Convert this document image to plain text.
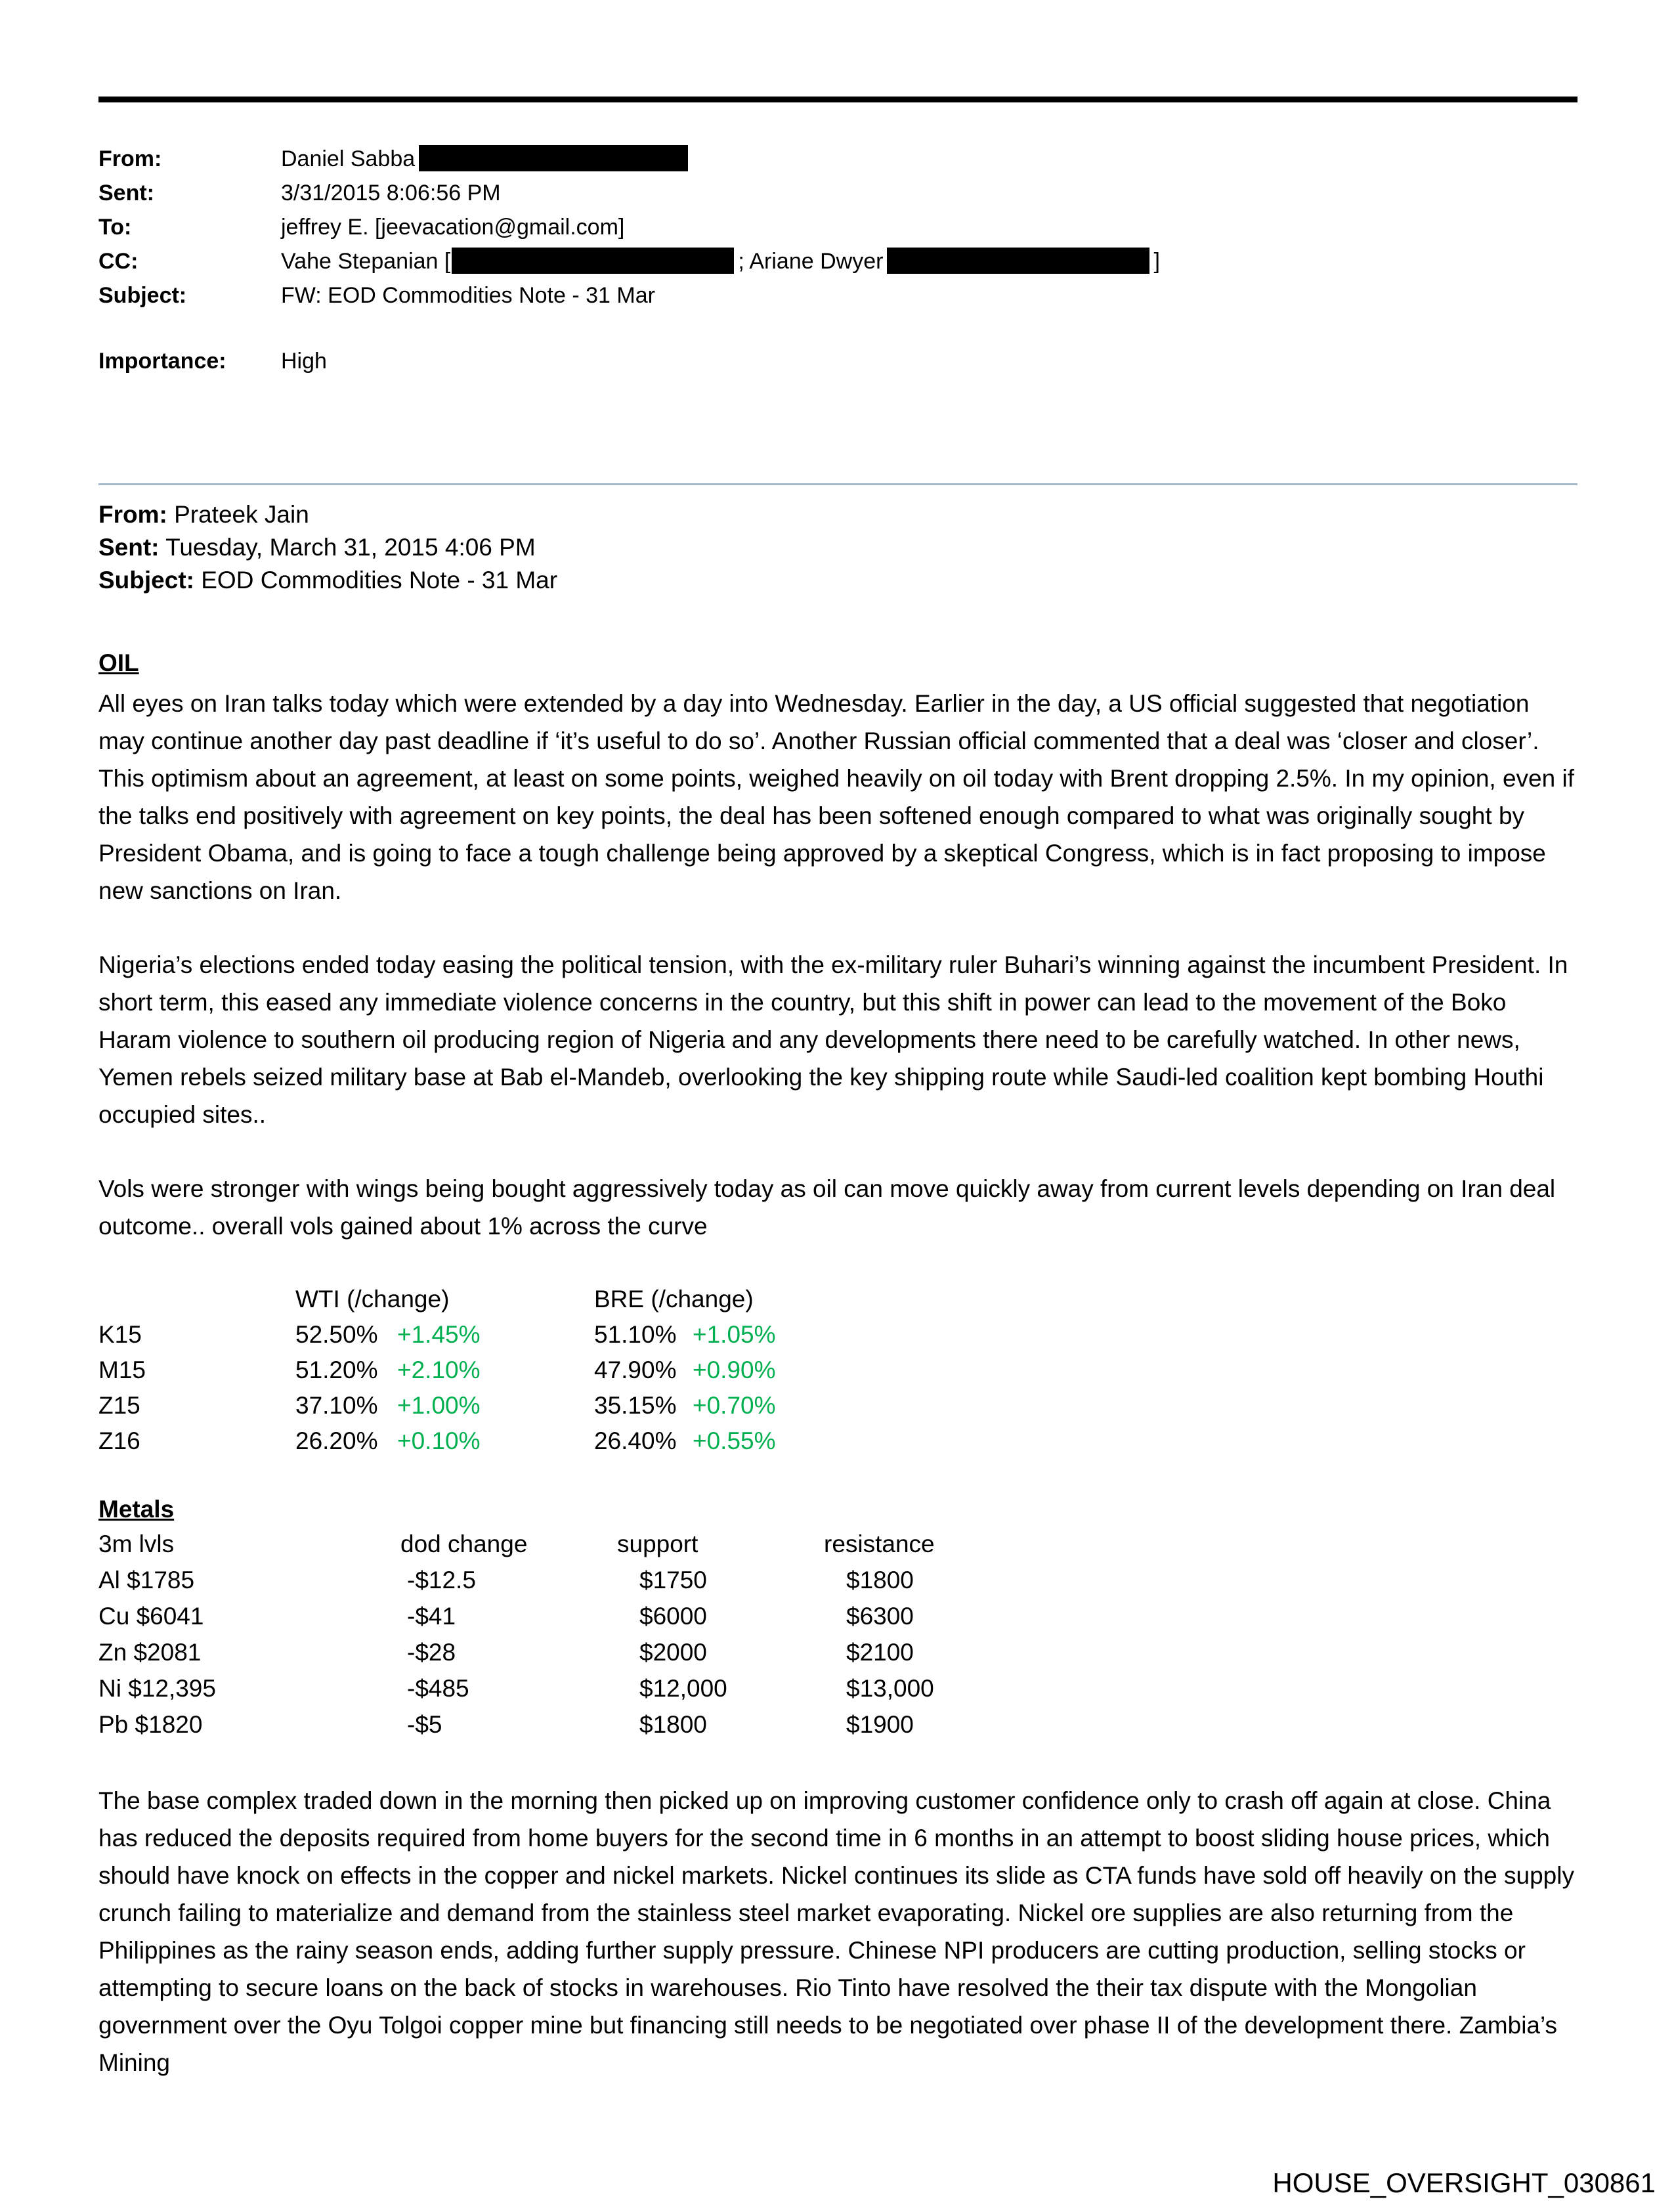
From:	Daniel Sabba
Sent:	3/31/2015 8:06:56 PM
To:	jeffrey E. [jeevacation@gmail.com]
CC:	Vahe Stepanian [	; Ariane Dwyer	]
Subject:	FW: EOD Commodities Note - 31 Mar
Importance:	High
From: Prateek Jain
Sent: Tuesday, March 31, 2015 4:06 PM
Subject: EOD Commodities Note - 31 Mar
OIL

All eyes on Iran talks today which were extended by a day into Wednesday. Earlier in the day, a US official suggested that negotiation may continue another day past deadline if ‘it’s useful to do so’. Another Russian official commented that a deal was ‘closer and closer’. This optimism about an agreement, at least on some points, weighed heavily on oil today with Brent dropping 2.5%. In my opinion, even if the talks end positively with agreement on key points, the deal has been softened enough compared to what was originally sought by President Obama, and is going to face a tough challenge being approved by a skeptical Congress, which is in fact proposing to impose new sanctions on Iran.

Nigeria’s elections ended today easing the political tension, with the ex-military ruler Buhari’s winning against the incumbent President. In short term, this eased any immediate violence concerns in the country, but this shift in power can lead to the movement of the Boko Haram violence to southern oil producing region of Nigeria and any developments there need to be carefully watched. In other news, Yemen rebels seized military base at Bab el-Mandeb, overlooking the key shipping route while Saudi-led coalition kept bombing Houthi occupied sites..

Vols were stronger with wings being bought aggressively today as oil can move quickly away from current levels depending on Iran deal outcome.. overall vols gained about 1% across the curve

WTI (/change)	BRE (/change)
K15	52.50% +1.45%	51.10% +1.05%
M15	51.20% +2.10%	47.90% +0.90%
Z15	37.10% +1.00%	35.15% +0.70%
Z16	26.20% +0.10%	26.40% +0.55%
Metals
3m lvls	dod change	support	resistance
Al $1785	-$12.5	$1750	$1800
Cu $6041	-$41	$6000	$6300
Zn $2081	-$28	$2000	$2100
Ni $12,395	-$485	$12,000	$13,000
Pb $1820	-$5	$1800	$1900

The base complex traded down in the morning then picked up on improving customer confidence only to crash off again at close. China has reduced the deposits required from home buyers for the second time in 6 months in an attempt to boost sliding house prices, which should have knock on effects in the copper and nickel markets. Nickel continues its slide as CTA funds have sold off heavily on the supply crunch failing to materialize and demand from the stainless steel market evaporating. Nickel ore supplies are also returning from the Philippines as the rainy season ends, adding further supply pressure. Chinese NPI producers are cutting production, selling stocks or attempting to secure loans on the back of stocks in warehouses. Rio Tinto have resolved the their tax dispute with the Mongolian government over the Oyu Tolgoi copper mine but financing still needs to be negotiated over phase II of the development there. Zambia’s Mining

HOUSE_OVERSIGHT_030861
